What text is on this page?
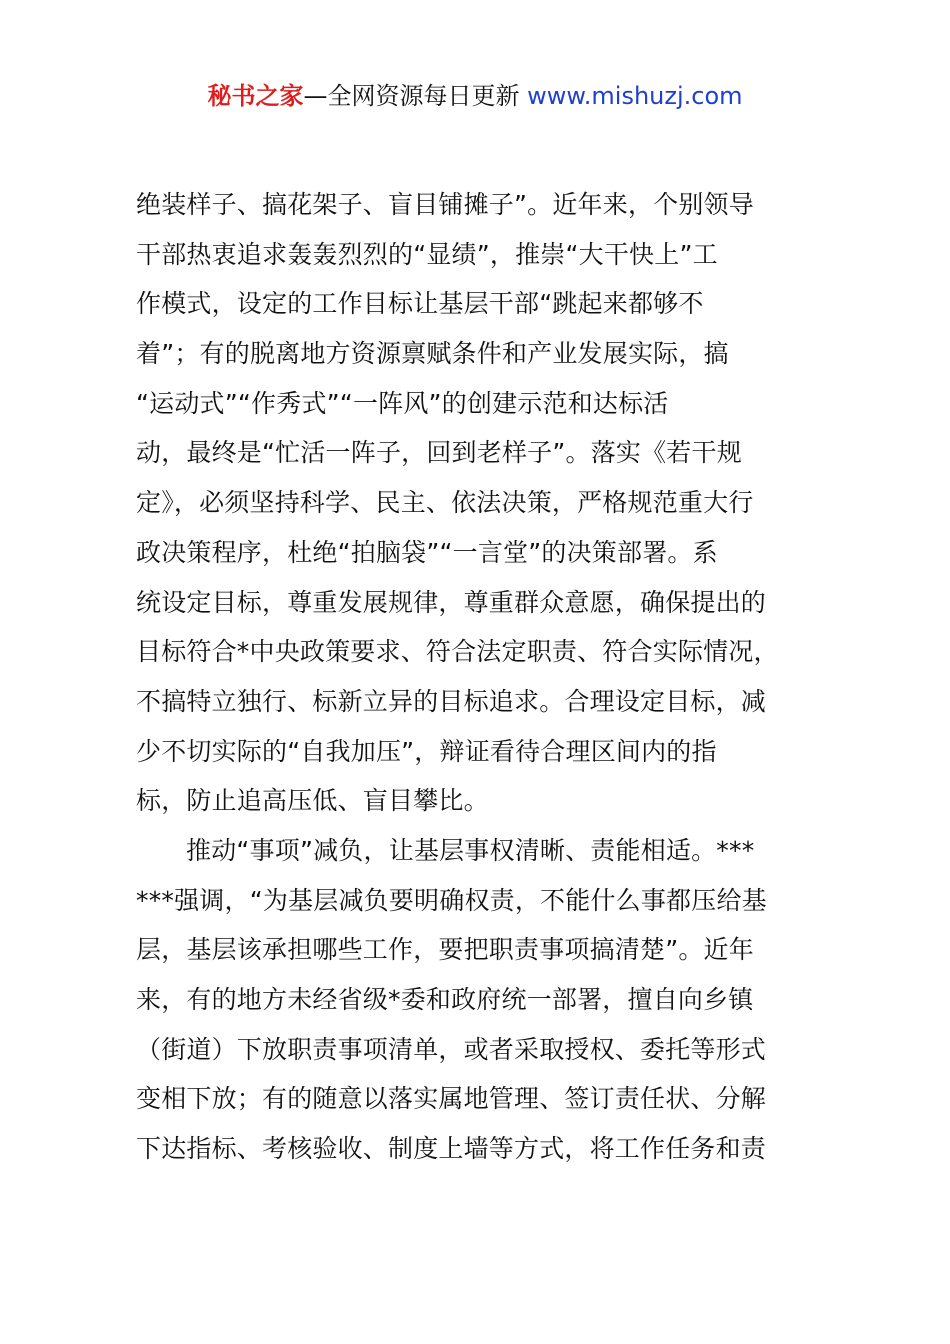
秘书之家—全网资源每日更新 www.mishuzj.com
绝装样子、搞花架子、盲目铺摊子”。近年来，个别领导
干部热衷追求轰轰烈烈的“显绩”，推崇“大干快上”工
作模式，设定的工作目标让基层干部“跳起来都够不
着”；有的脱离地方资源禀赋条件和产业发展实际，搞
“运动式”“作秀式”“一阵风”的创建示范和达标活
动，最终是“忙活一阵子，回到老样子”。落实《若干规
定》，必须坚持科学、民主、依法决策，严格规范重大行
政决策程序，杜绝“拍脑袋”“一言堂”的决策部署。系
统设定目标，尊重发展规律，尊重群众意愿，确保提出的
目标符合*中央政策要求、符合法定职责、符合实际情况，
不搞特立独行、标新立异的目标追求。合理设定目标，减
少不切实际的“自我加压”，辩证看待合理区间内的指
标，防止追高压低、盲目攀比。
推动“事项”减负，让基层事权清晰、责能相适。***
***强调，“为基层减负要明确权责，不能什么事都压给基
层，基层该承担哪些工作，要把职责事项搞清楚”。近年
来，有的地方未经省级*委和政府统一部署，擅自向乡镇
（街道）下放职责事项清单，或者采取授权、委托等形式
变相下放；有的随意以落实属地管理、签订责任状、分解
下达指标、考核验收、制度上墙等方式，将工作任务和责
